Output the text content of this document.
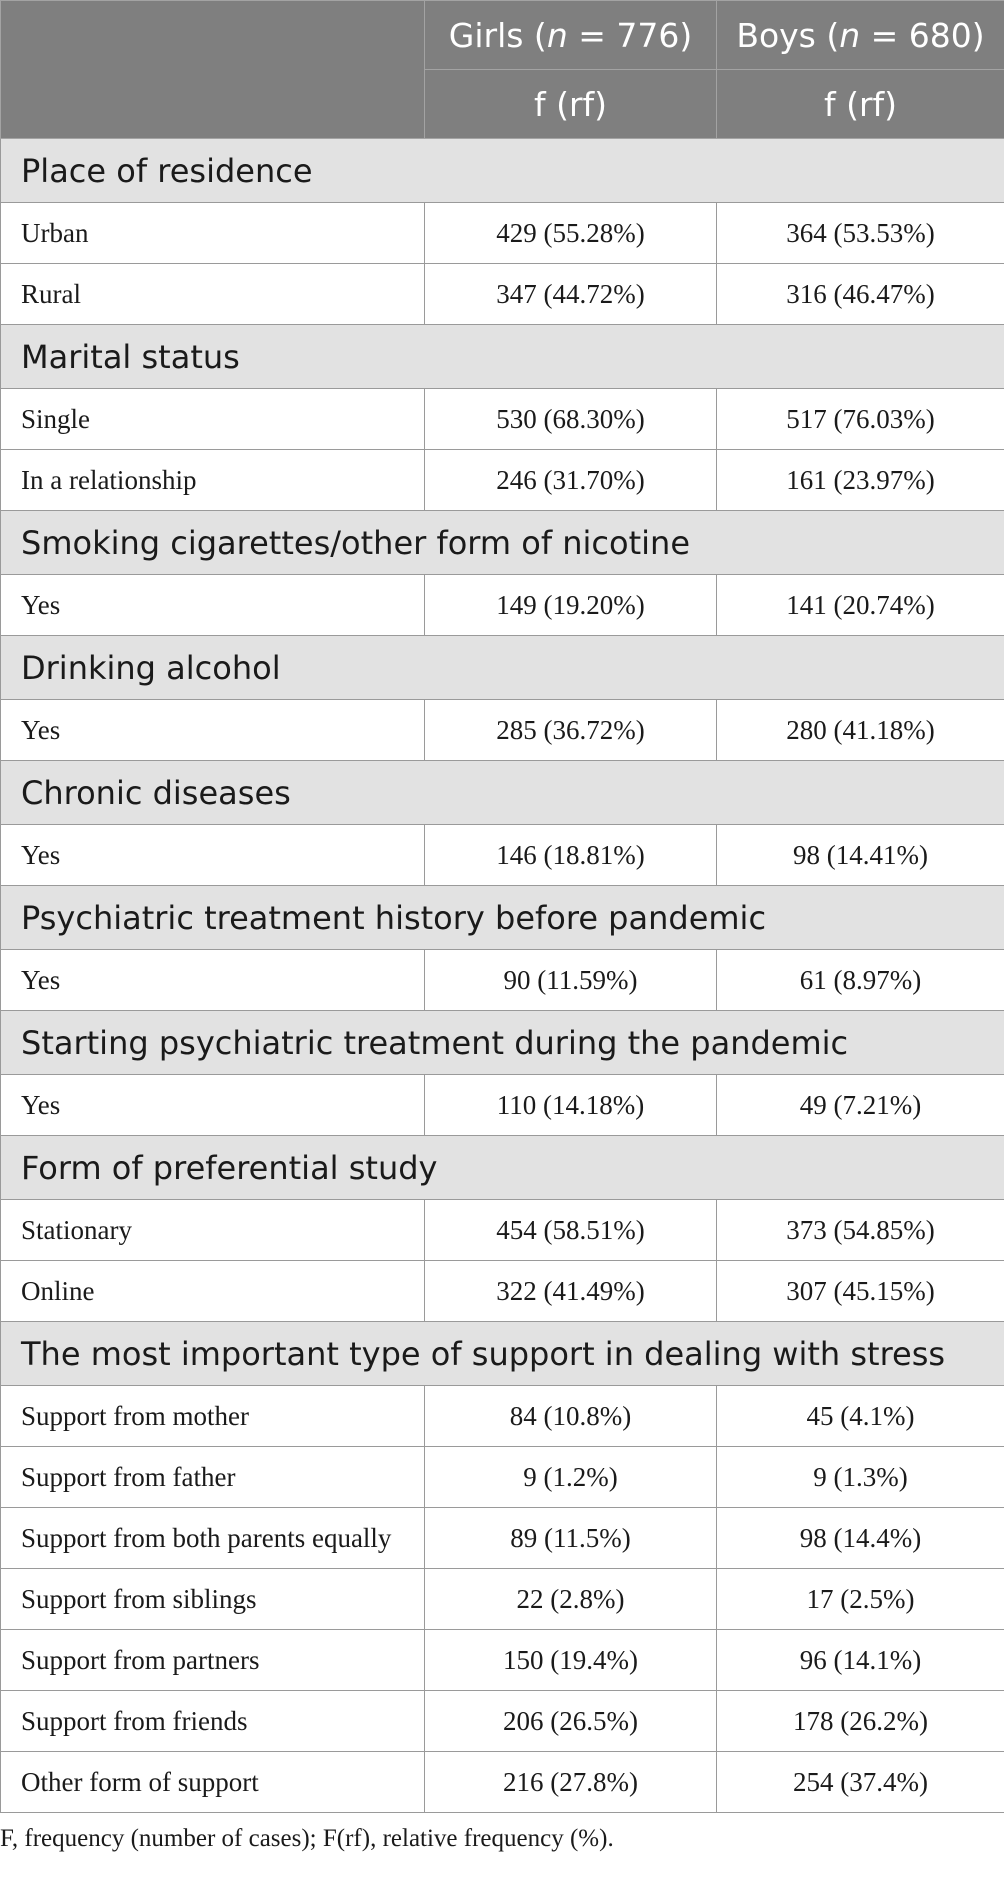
	Girls (n = 776)	Boys (n = 680)
	f (rf)	f (rf)
Place of residence		
Urban	429 (55.28%)	364 (53.53%)
Rural	347 (44.72%)	316 (46.47%)
Marital status		
Single	530 (68.30%)	517 (76.03%)
In a relationship	246 (31.70%)	161 (23.97%)
Smoking cigarettes/other form of nicotine		
Yes	149 (19.20%)	141 (20.74%)
Drinking alcohol		
Yes	285 (36.72%)	280 (41.18%)
Chronic diseases		
Yes	146 (18.81%)	98 (14.41%)
Psychiatric treatment history before pandemic		
Yes	90 (11.59%)	61 (8.97%)
Starting psychiatric treatment during the pandemic		
Yes	110 (14.18%)	49 (7.21%)
Form of preferential study		
Stationary	454 (58.51%)	373 (54.85%)
Online	322 (41.49%)	307 (45.15%)
The most important type of support in dealing with stress		
Support from mother	84 (10.8%)	45 (4.1%)
Support from father	9 (1.2%)	9 (1.3%)
Support from both parents equally	89 (11.5%)	98 (14.4%)
Support from siblings	22 (2.8%)	17 (2.5%)
Support from partners	150 (19.4%)	96 (14.1%)
Support from friends	206 (26.5%)	178 (26.2%)
Other form of support	216 (27.8%)	254 (37.4%)
F, frequency (number of cases); F(rf), relative frequency (%).
